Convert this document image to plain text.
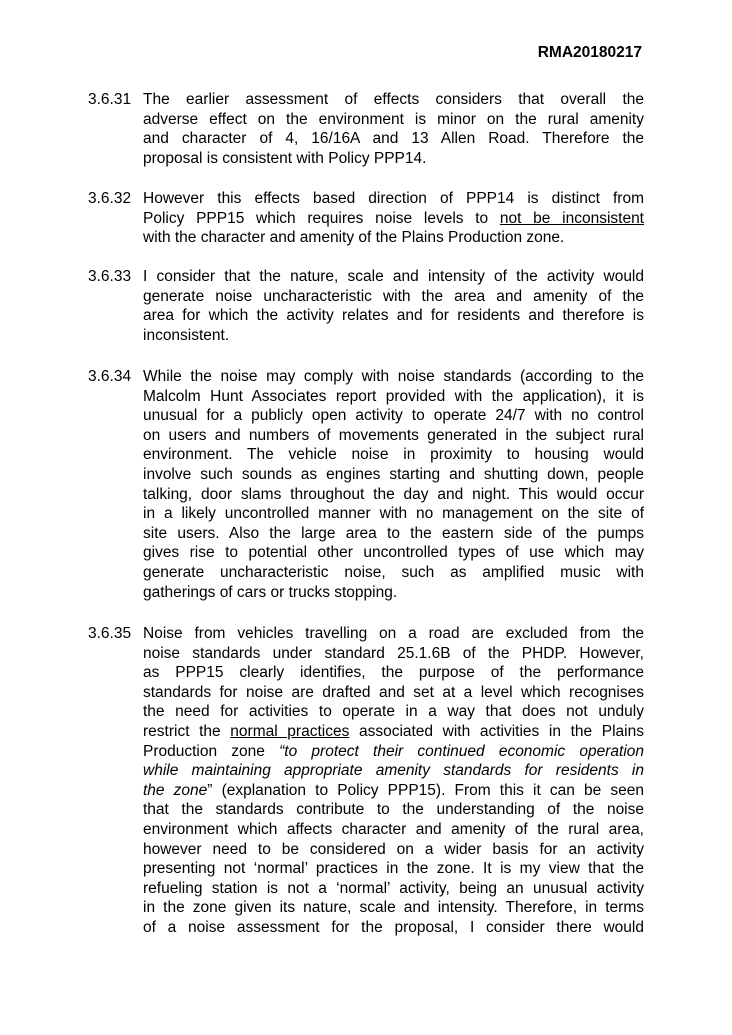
RMA20180217
3.6.31 The earlier assessment of effects considers that overall the
adverse effect on the environment is minor on the rural amenity
and character of 4, 16/16A and 13 Allen Road. Therefore the
proposal is consistent with Policy PPP14.
3.6.32 However this effects based direction of PPP14 is distinct from
Policy PPP15 which requires noise levels to not be inconsistent
with the character and amenity of the Plains Production zone.
3.6.33 I consider that the nature, scale and intensity of the activity would
generate noise uncharacteristic with the area and amenity of the
area for which the activity relates and for residents and therefore is
inconsistent.
3.6.34 While the noise may comply with noise standards (according to the
Malcolm Hunt Associates report provided with the application), it is
unusual for a publicly open activity to operate 24/7 with no control
on users and numbers of movements generated in the subject rural
environment. The vehicle noise in proximity to housing would
involve such sounds as engines starting and shutting down, people
talking, door slams throughout the day and night. This would occur
in a likely uncontrolled manner with no management on the site of
site users. Also the large area to the eastern side of the pumps
gives rise to potential other uncontrolled types of use which may
generate uncharacteristic noise, such as amplified music with
gatherings of cars or trucks stopping.
3.6.35 Noise from vehicles travelling on a road are excluded from the
noise standards under standard 25.1.6B of the PHDP. However,
as PPP15 clearly identifies, the purpose of the performance
standards for noise are drafted and set at a level which recognises
the need for activities to operate in a way that does not unduly
restrict the normal practices associated with activities in the Plains
Production zone “to protect their continued economic operation
while maintaining appropriate amenity standards for residents in
the zone” (explanation to Policy PPP15). From this it can be seen
that the standards contribute to the understanding of the noise
environment which affects character and amenity of the rural area,
however need to be considered on a wider basis for an activity
presenting not ‘normal’ practices in the zone. It is my view that the
refueling station is not a ‘normal’ activity, being an unusual activity
in the zone given its nature, scale and intensity. Therefore, in terms
of a noise assessment for the proposal, I consider there would
